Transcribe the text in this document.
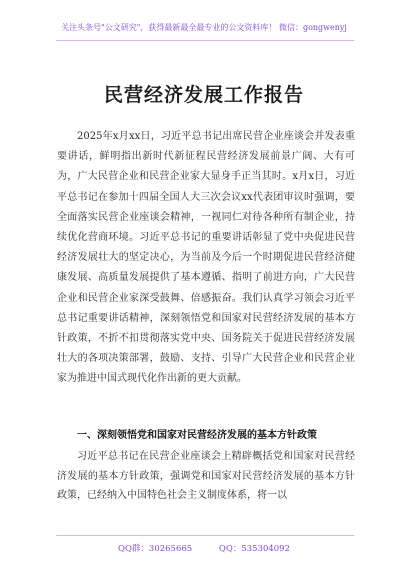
关注头条号"公文研究"，获得最新最全最专业的公文资料库！ 微信：gongwenyj
民营经济发展工作报告

2025年x月xx日，习近平总书记出席民营企业座谈会并发表重要讲话，鲜明指出新时代新征程民营经济发展前景广阔、大有可为，广大民营企业和民营企业家大显身手正当其时。x月x日，习近平总书记在参加十四届全国人大三次会议xx代表团审议时强调，要全面落实民营企业座谈会精神，一视同仁对待各种所有制企业，持续优化营商环境。习近平总书记的重要讲话彰显了党中央促进民营经济发展壮大的坚定决心，为当前及今后一个时期促进民营经济健康发展、高质量发展提供了基本遵循、指明了前进方向，广大民营企业和民营企业家深受鼓舞、倍感振奋。我们认真学习领会习近平总书记重要讲话精神，深刻领悟党和国家对民营经济发展的基本方针政策，不折不扣贯彻落实党中央、国务院关于促进民营经济发展壮大的各项决策部署，鼓励、支持、引导广大民营企业和民营企业家为推进中国式现代化作出新的更大贡献。

一、深刻领悟党和国家对民营经济发展的基本方针政策

习近平总书记在民营企业座谈会上精辟概括党和国家对民营经济发展的基本方针政策，强调党和国家对民营经济发展的基本方针政策，已经纳入中国特色社会主义制度体系，将一以

QQ群：30265665	QQ：535304092
